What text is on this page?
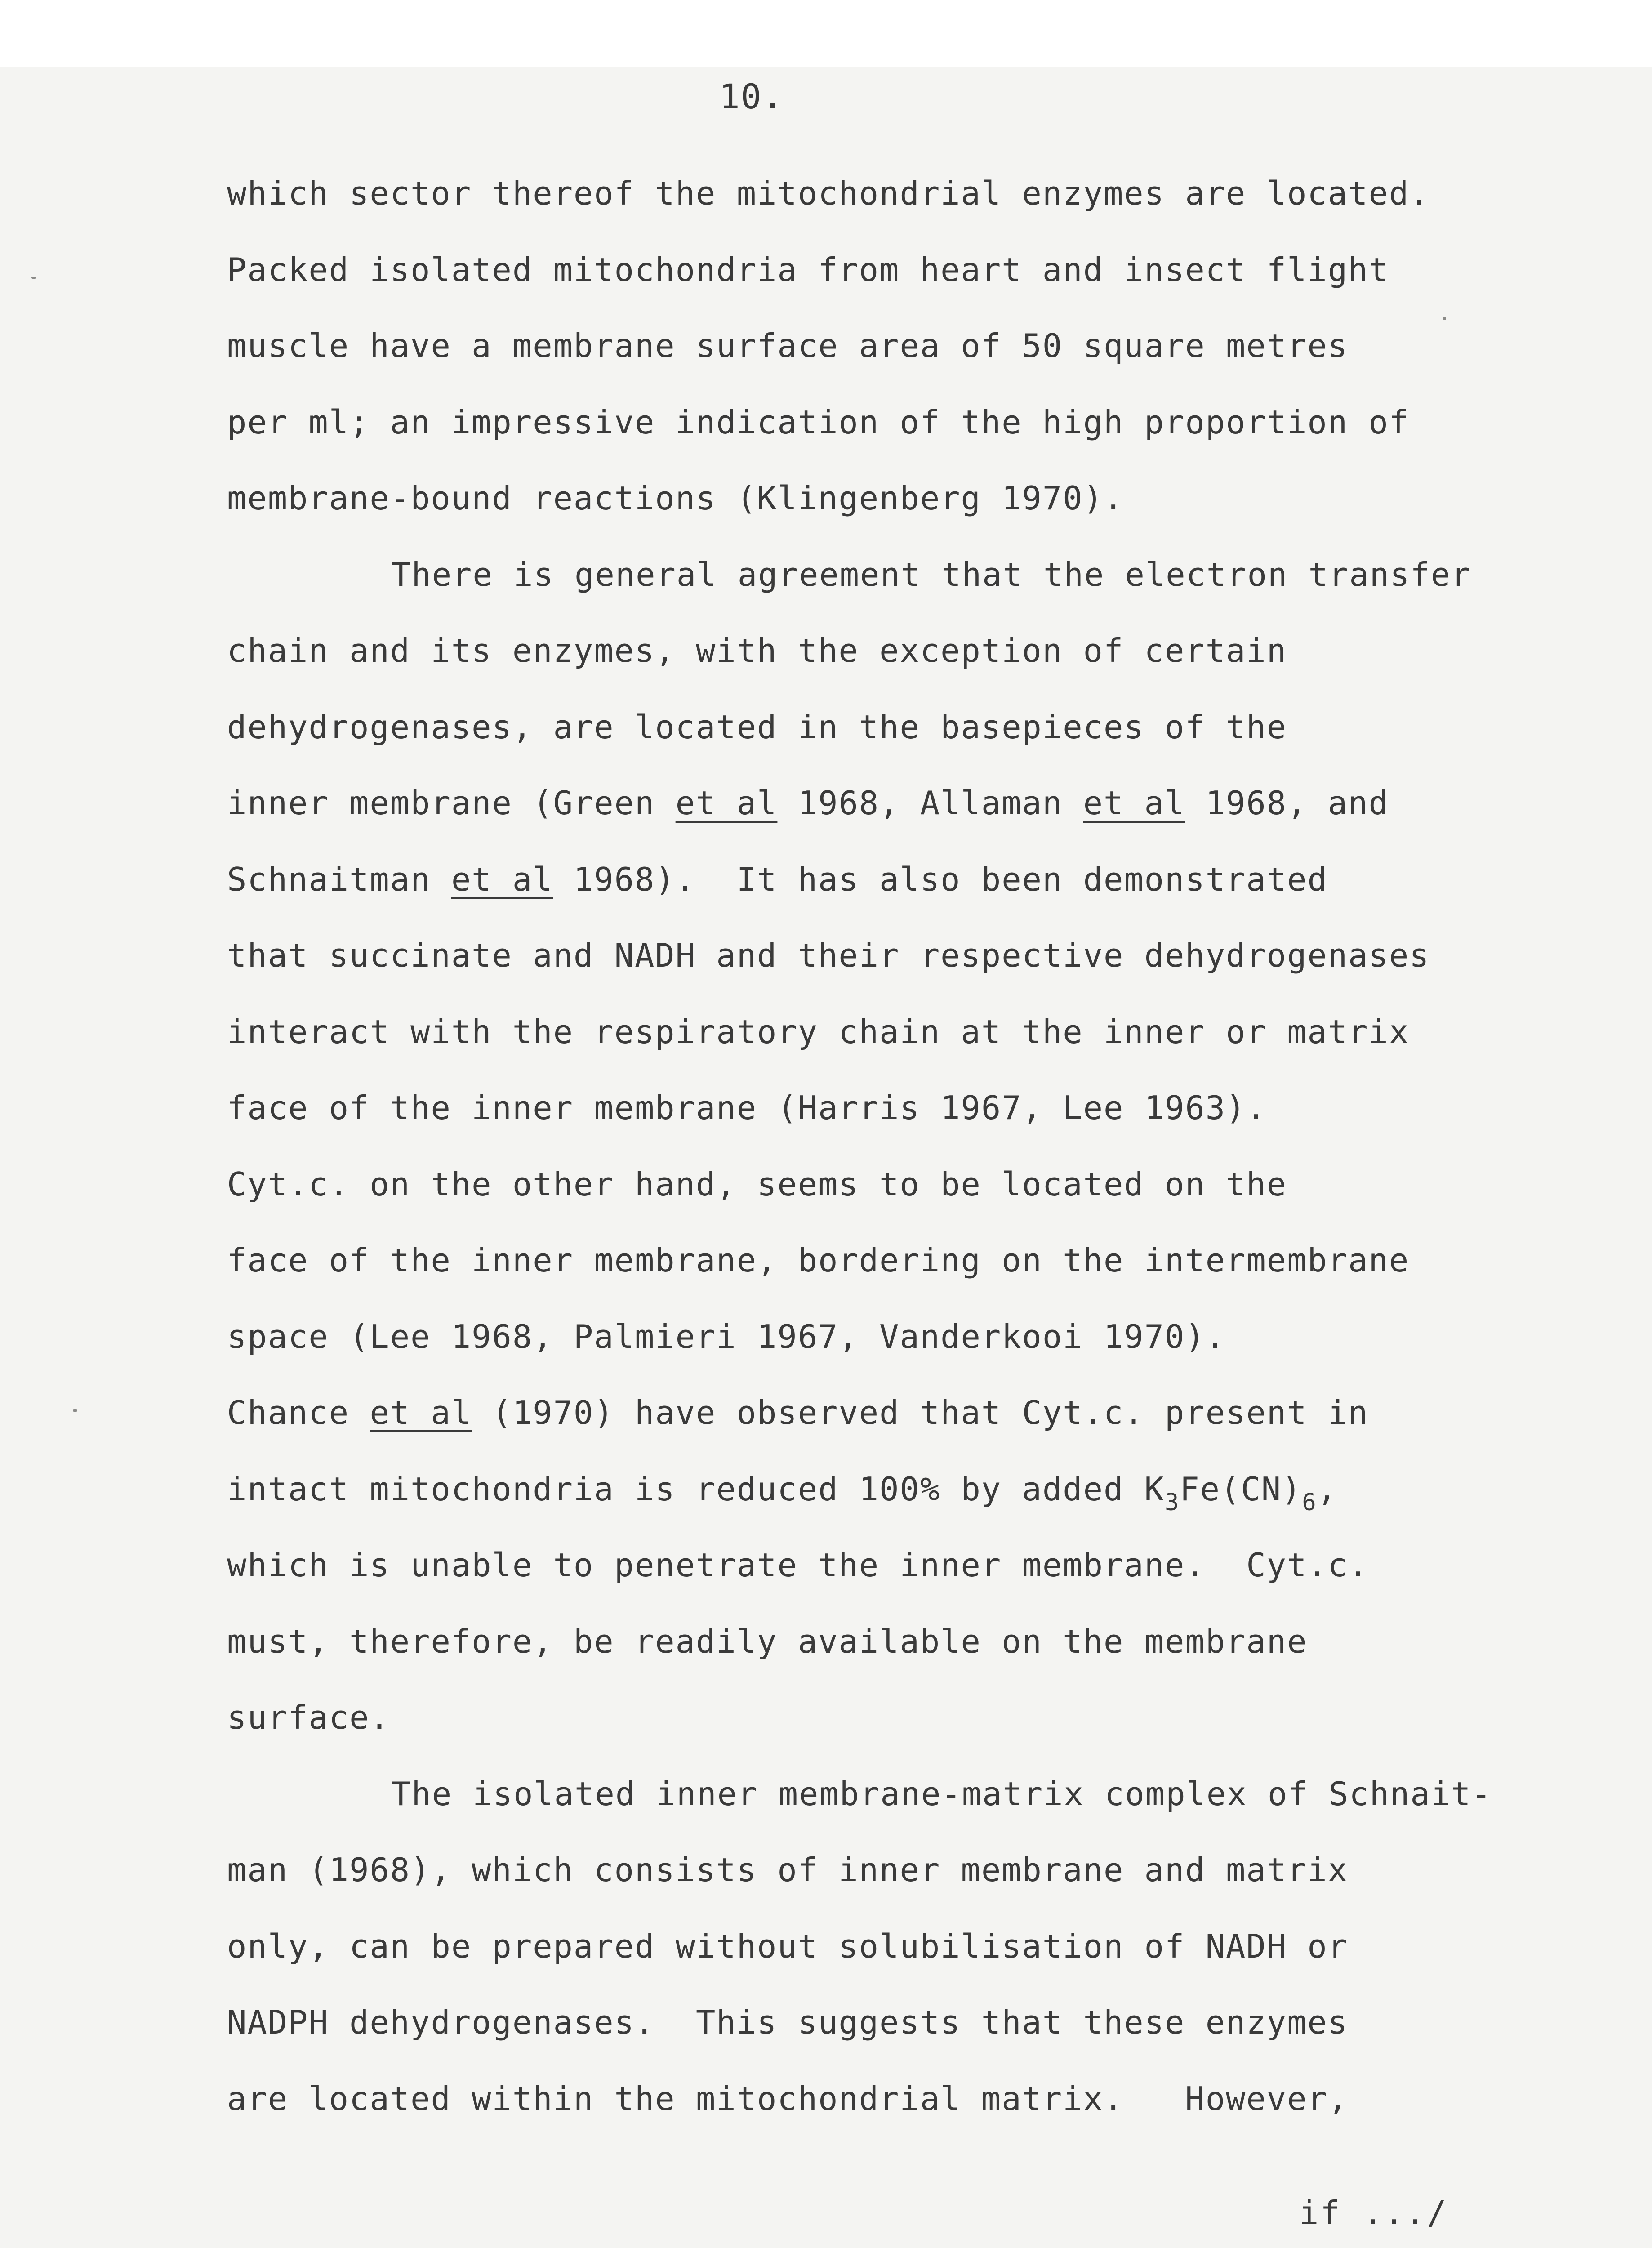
10.
which sector thereof the mitochondrial enzymes are located.
Packed isolated mitochondria from heart and insect flight
muscle have a membrane surface area of 50 square metres
per ml; an impressive indication of the high proportion of
membrane-bound reactions (Klingenberg 1970).
There is general agreement that the electron transfer
chain and its enzymes, with the exception of certain
dehydrogenases, are located in the basepieces of the
inner membrane (Green et al 1968, Allaman et al 1968, and
Schnaitman et al 1968).  It has also been demonstrated
that succinate and NADH and their respective dehydrogenases
interact with the respiratory chain at the inner or matrix
face of the inner membrane (Harris 1967, Lee 1963).
Cyt.c. on the other hand, seems to be located on the
face of the inner membrane, bordering on the intermembrane
space (Lee 1968, Palmieri 1967, Vanderkooi 1970).
Chance et al (1970) have observed that Cyt.c. present in
intact mitochondria is reduced 100% by added $K_3Fe(CN)_6$,
which is unable to penetrate the inner membrane.  Cyt.c.
must, therefore, be readily available on the membrane
surface.
The isolated inner membrane-matrix complex of Schnait-
man (1968), which consists of inner membrane and matrix
only, can be prepared without solubilisation of NADH or
NADPH dehydrogenases.  This suggests that these enzymes
are located within the mitochondrial matrix.   However,
if .../
